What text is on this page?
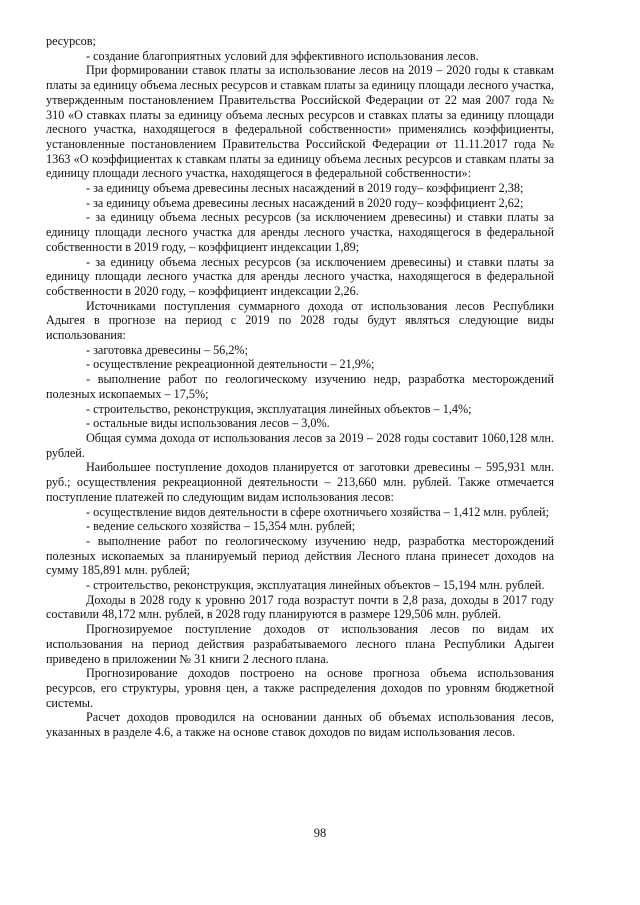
ресурсов;

- создание благоприятных условий для эффективного использования лесов.

При формировании ставок платы за использование лесов на 2019 – 2020 годы к ставкам платы за единицу объема лесных ресурсов и ставкам платы за единицу площади лесного участка, утвержденным постановлением Правительства Российской Федерации от 22 мая 2007 года № 310 «О ставках платы за единицу объема лесных ресурсов и ставках платы за единицу площади лесного участка, находящегося в федеральной собственности» применялись коэффициенты, установленные постановлением Правительства Российской Федерации от 11.11.2017 года № 1363 «О коэффициентах к ставкам платы за единицу объема лесных ресурсов и ставкам платы за единицу площади лесного участка, находящегося в федеральной собственности»:

- за единицу объема древесины лесных насаждений в 2019 году– коэффициент 2,38;

- за единицу объема древесины лесных насаждений в 2020 году– коэффициент 2,62;

- за единицу объема лесных ресурсов (за исключением древесины) и ставки платы за единицу площади лесного участка для аренды лесного участка, находящегося в федеральной собственности в 2019 году, – коэффициент индексации 1,89;

- за единицу объема лесных ресурсов (за исключением древесины) и ставки платы за единицу площади лесного участка для аренды лесного участка, находящегося в федеральной собственности в 2020 году, – коэффициент индексации 2,26.

Источниками поступления суммарного дохода от использования лесов Республики Адыгея в прогнозе на период с 2019 по 2028 годы будут являться следующие виды использования:

- заготовка древесины – 56,2%;

- осуществление рекреационной деятельности – 21,9%;

- выполнение работ по геологическому изучению недр, разработка месторождений полезных ископаемых – 17,5%;

- строительство, реконструкция, эксплуатация линейных объектов – 1,4%;

- остальные виды использования лесов – 3,0%.

Общая сумма дохода от использования лесов за 2019 – 2028 годы составит 1060,128 млн. рублей.

Наибольшее поступление доходов планируется от заготовки древесины – 595,931 млн. руб.; осуществления рекреационной деятельности – 213,660 млн. рублей. Также отмечается поступление платежей по следующим видам использования лесов:

- осуществление видов деятельности в сфере охотничьего хозяйства – 1,412 млн. рублей;

- ведение сельского хозяйства – 15,354 млн. рублей;

- выполнение работ по геологическому изучению недр, разработка месторождений полезных ископаемых за планируемый период действия Лесного плана принесет доходов на сумму 185,891 млн. рублей;

- строительство, реконструкция, эксплуатация линейных объектов – 15,194 млн. рублей.

Доходы в 2028 году к уровню 2017 года возрастут почти в 2,8 раза, доходы в 2017 году составили 48,172 млн. рублей, в 2028 году планируются в размере 129,506 млн. рублей.

Прогнозируемое поступление доходов от использования лесов по видам их использования на период действия разрабатываемого лесного плана Республики Адыгеи приведено в приложении № 31 книги 2 лесного плана.

Прогнозирование доходов построено на основе прогноза объема использования ресурсов, его структуры, уровня цен, а также распределения доходов по уровням бюджетной системы.

Расчет доходов проводился на основании данных об объемах использования лесов, указанных в разделе 4.6, а также на основе ставок доходов по видам использования лесов.

98
